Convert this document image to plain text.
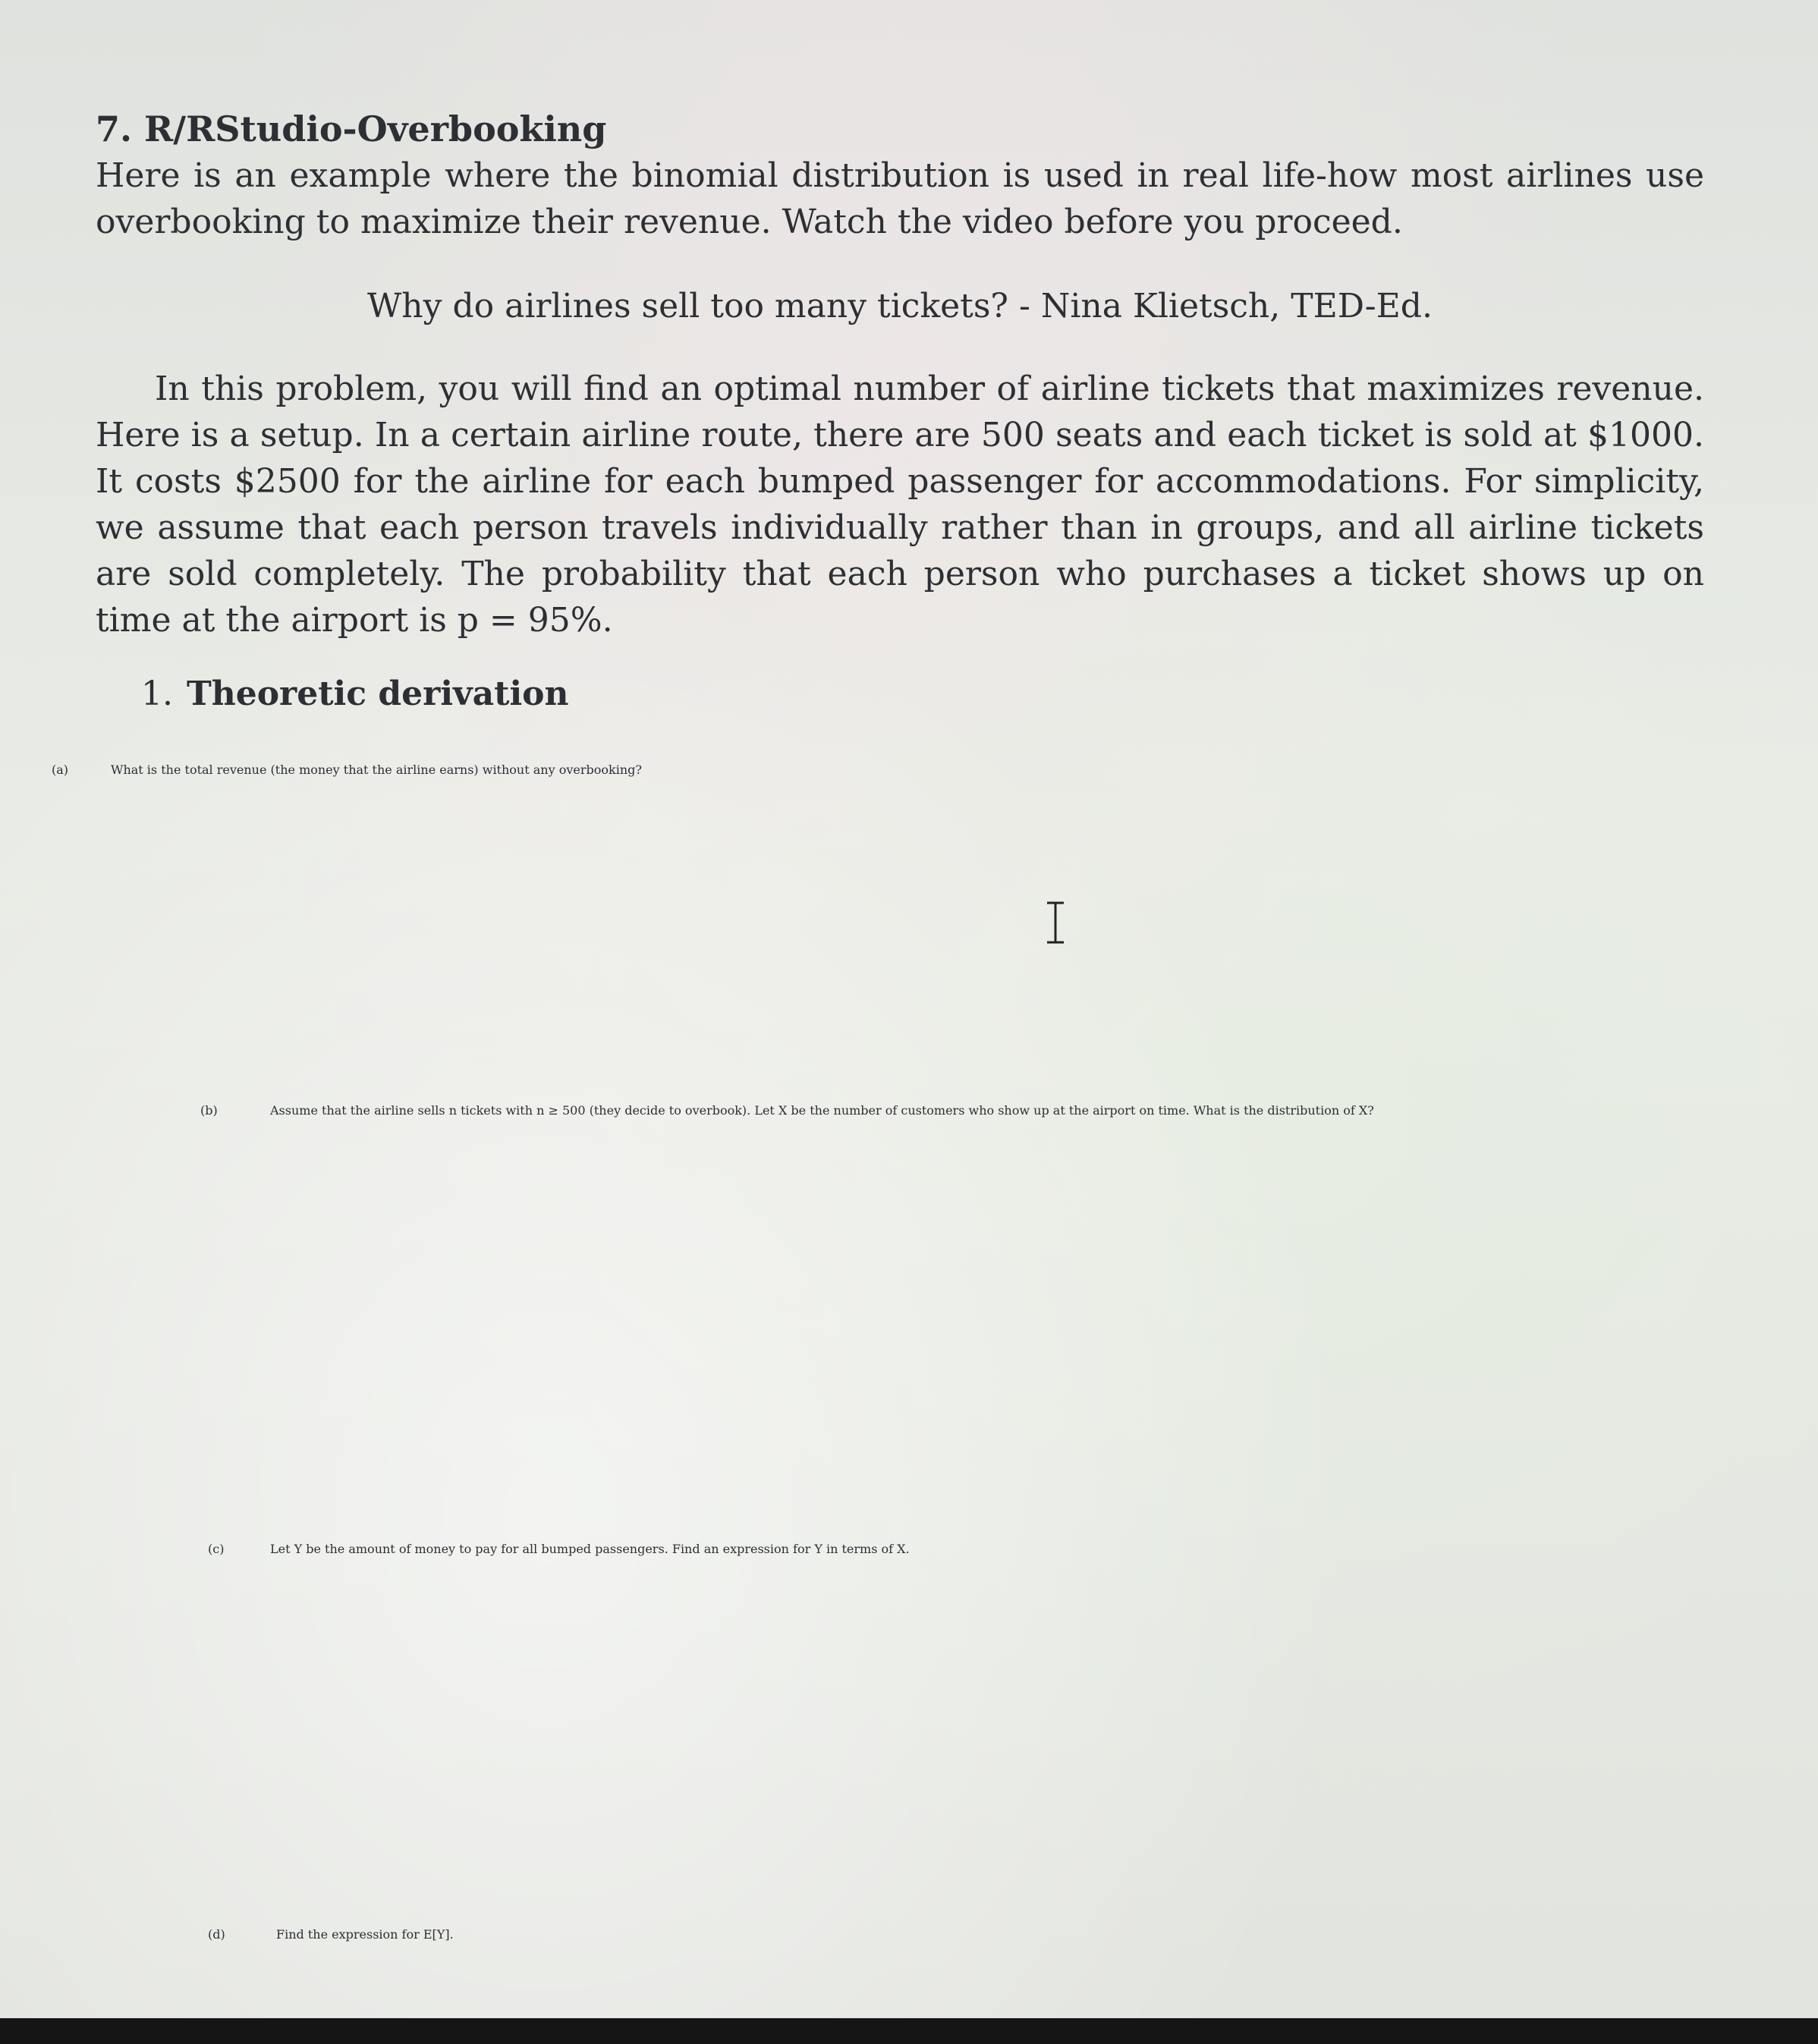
7. R/RStudio-Overbooking

Here is an example where the binomial distribution is used in real life-how most airlines use overbooking to maximize their revenue. Watch the video before you proceed.

Why do airlines sell too many tickets? - Nina Klietsch, TED-Ed.

In this problem, you will find an optimal number of airline tickets that maximizes revenue. Here is a setup. In a certain airline route, there are 500 seats and each ticket is sold at $1000. It costs $2500 for the airline for each bumped passenger for accommodations. For simplicity, we assume that each person travels individually rather than in groups, and all airline tickets are sold completely. The probability that each person who purchases a ticket shows up on time at the airport is p = 95%.

1. Theoretic derivation
(a)	What is the total revenue (the money that the airline earns) without any overbooking?
(b)	Assume that the airline sells n tickets with n ≥ 500 (they decide to overbook). Let X be the number of customers who show up at the airport on time. What is the distribution of X?
(c)	Let Y be the amount of money to pay for all bumped passengers. Find an expression for Y in terms of X.
(d)	Find the expression for E[Y].
